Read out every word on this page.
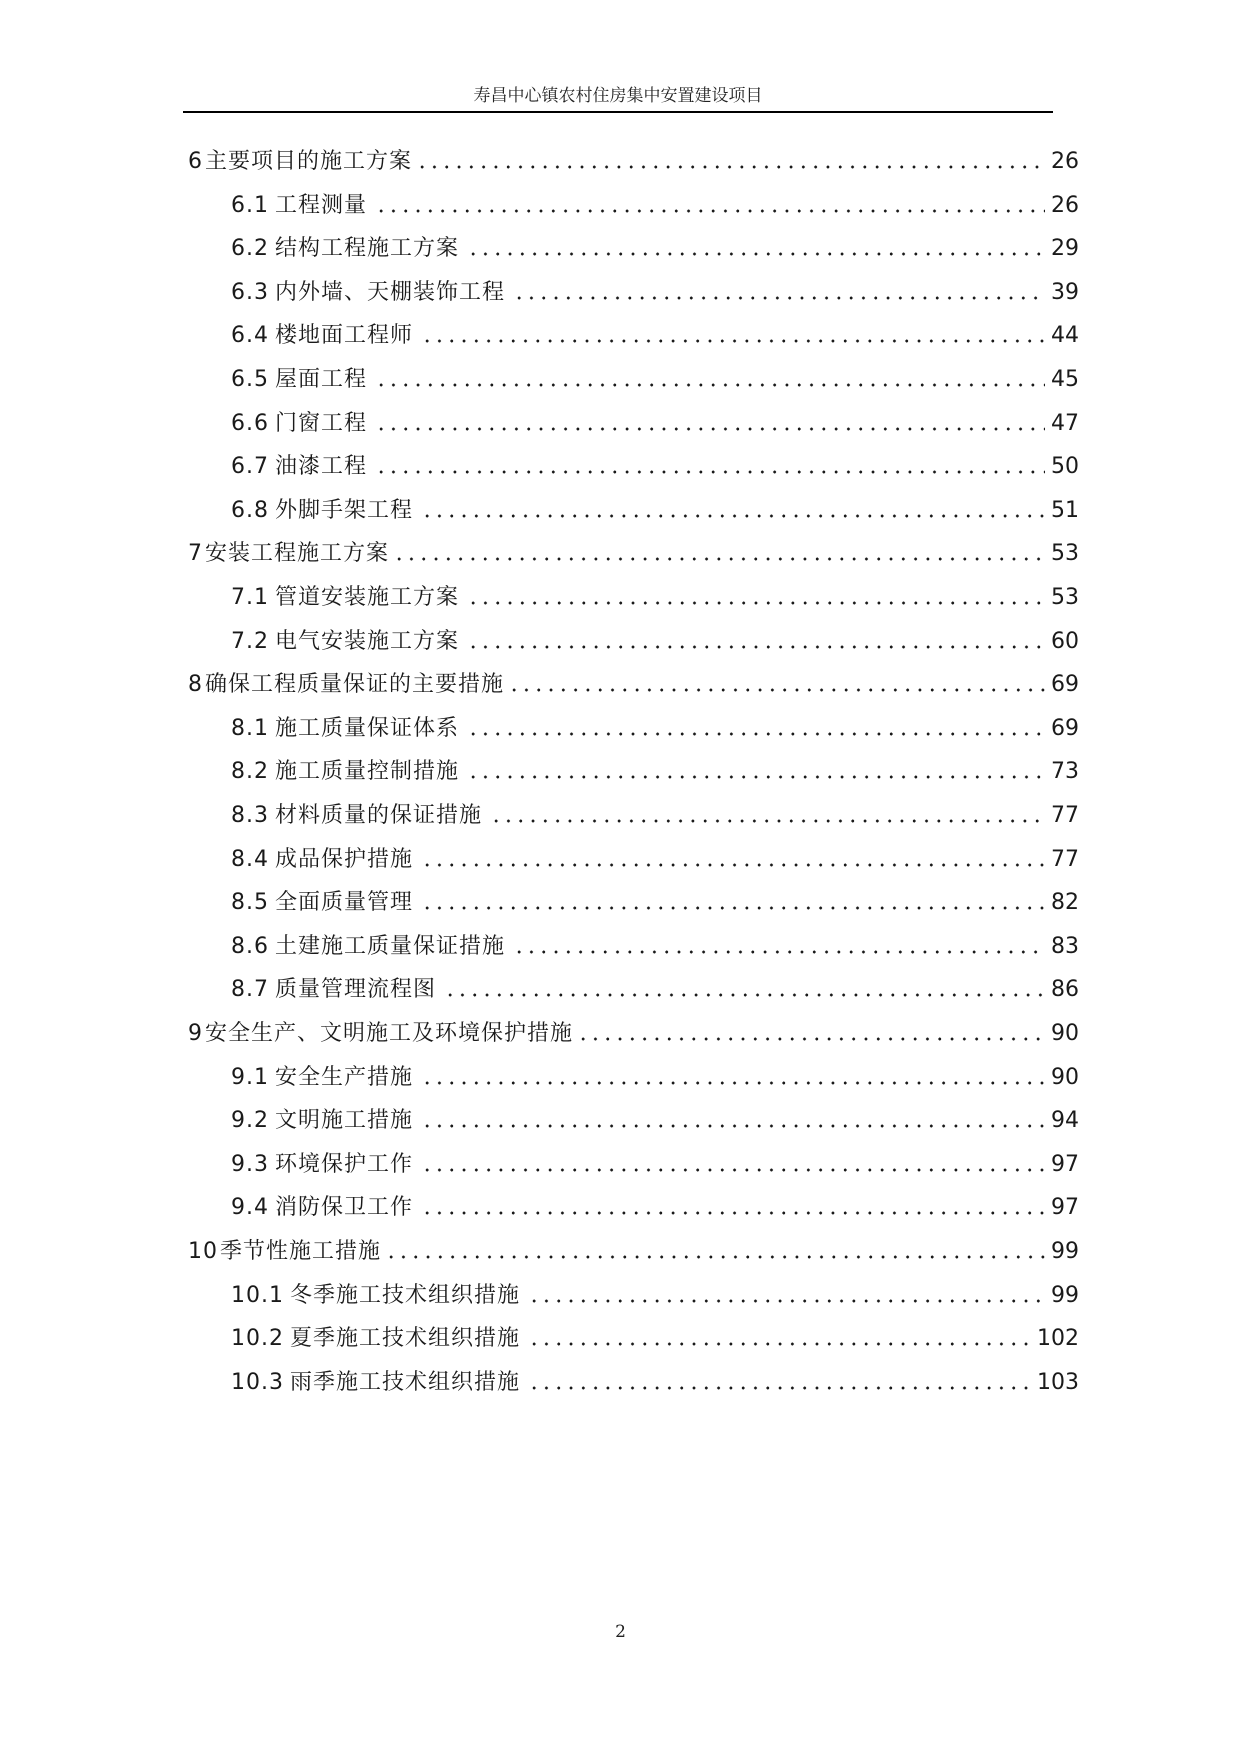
寿昌中心镇农村住房集中安置建设项目
6 主要项目的施工方案	26
6.1 工程测量	26
6.2 结构工程施工方案	29
6.3 内外墙、天棚装饰工程	39
6.4 楼地面工程师	44
6.5 屋面工程	45
6.6 门窗工程	47
6.7 油漆工程	50
6.8 外脚手架工程	51
7 安装工程施工方案	53
7.1 管道安装施工方案	53
7.2 电气安装施工方案	60
8 确保工程质量保证的主要措施	69
8.1 施工质量保证体系	69
8.2 施工质量控制措施	73
8.3 材料质量的保证措施	77
8.4 成品保护措施	77
8.5 全面质量管理	82
8.6 土建施工质量保证措施	83
8.7 质量管理流程图	86
9 安全生产、文明施工及环境保护措施	90
9.1 安全生产措施	90
9.2 文明施工措施	94
9.3 环境保护工作	97
9.4 消防保卫工作	97
10 季节性施工措施	99
10.1 冬季施工技术组织措施	99
10.2 夏季施工技术组织措施	102
10.3 雨季施工技术组织措施	103
2
